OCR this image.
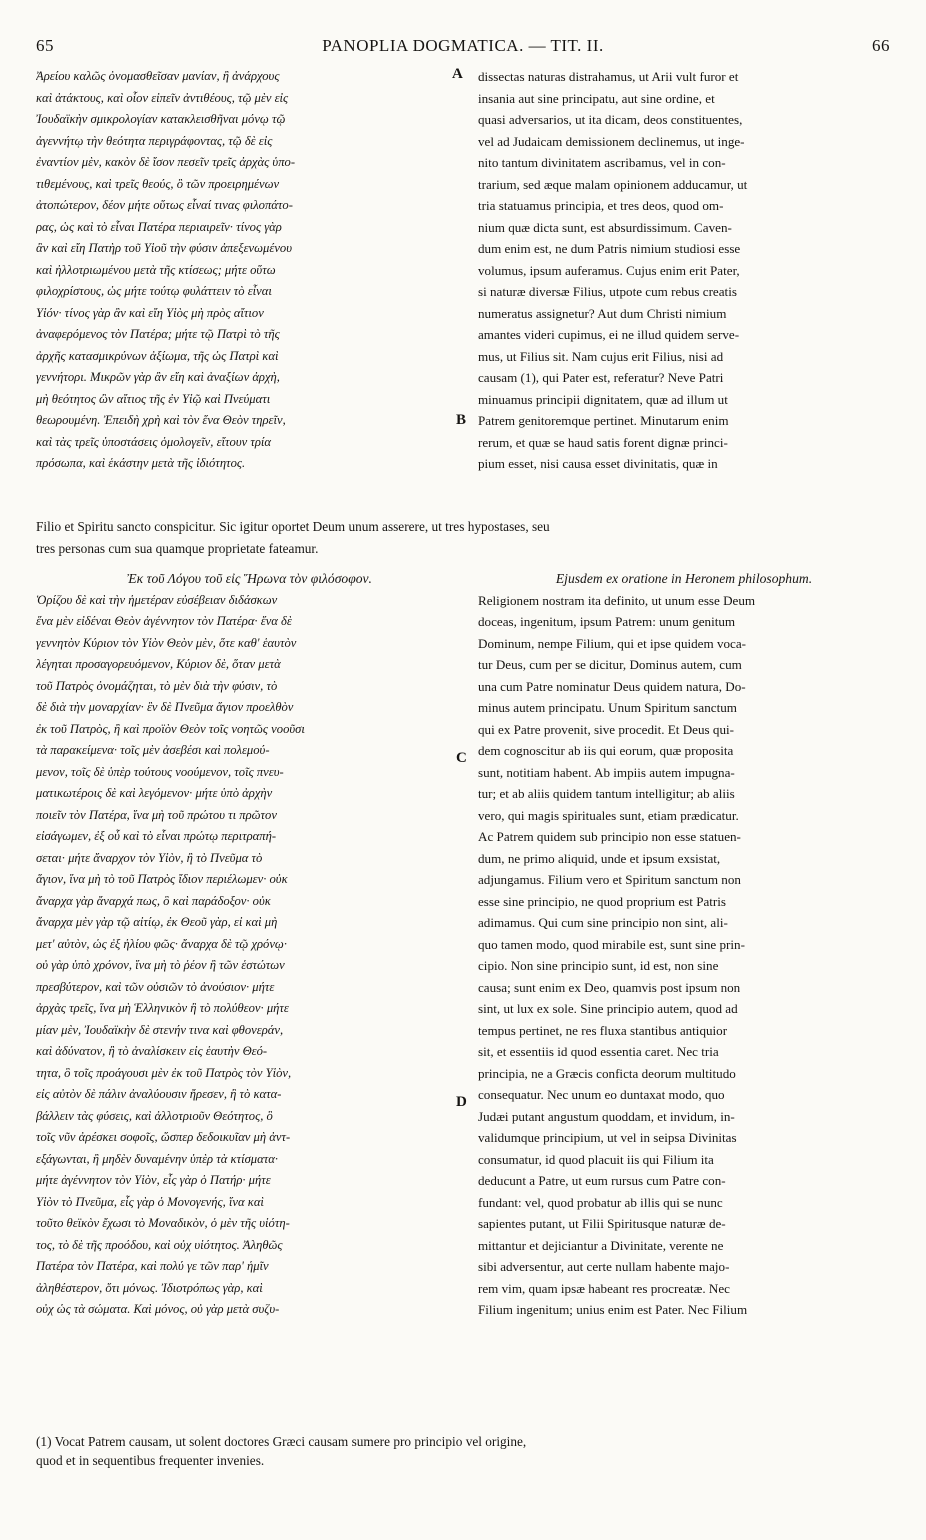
65	PANOPLIA DOGMATICA. — TIT. II.	66
A
B
C
D
Ἀρείου καλῶς ὀνομασθεῖσαν μανίαν, ἢ ἀνάρχους
καὶ ἀτάκτους, καὶ οἷον εἰπεῖν ἀντιθέους, τῷ μὲν εἰς
Ἰουδαϊκὴν σμικρολογίαν κατακλεισθῆναι μόνῳ τῷ
ἀγεννήτῳ τὴν θεότητα περιγράφοντας, τῷ δὲ εἰς
ἐναντίον μὲν, κακὸν δὲ ἴσον πεσεῖν τρεῖς ἀρχὰς ὑπο-
τιθεμένους, καὶ τρεῖς θεούς, ὃ τῶν προειρημένων
ἀτοπώτερον, δέον μήτε οὕτως εἶναί τινας φιλοπάτο-
ρας, ὡς καὶ τὸ εἶναι Πατέρα περιαιρεῖν· τίνος γὰρ
ἂν καὶ εἴη Πατὴρ τοῦ Υἱοῦ τὴν φύσιν ἀπεξενωμένου
καὶ ἠλλοτριωμένου μετὰ τῆς κτίσεως; μήτε οὕτω
φιλοχρίστους, ὡς μήτε τούτῳ φυλάττειν τὸ εἶναι
Υἱόν· τίνος γὰρ ἂν καὶ εἴη Υἱὸς μὴ πρὸς αἴτιον
ἀναφερόμενος τὸν Πατέρα; μήτε τῷ Πατρὶ τὸ τῆς
ἀρχῆς κατασμικρύνων ἀξίωμα, τῆς ὡς Πατρὶ καὶ
γεννήτορι. Μικρῶν γὰρ ἂν εἴη καὶ ἀναξίων ἀρχὴ,
μὴ θεότητος ὢν αἴτιος τῆς ἐν Υἱῷ καὶ Πνεύματι
θεωρουμένη. Ἐπειδὴ χρὴ καὶ τὸν ἕνα Θεὸν τηρεῖν,
καὶ τὰς τρεῖς ὑποστάσεις ὁμολογεῖν, εἴτουν τρία
πρόσωπα, καὶ ἑκάστην μετὰ τῆς ἰδιότητος.
dissectas naturas distrahamus, ut Arii vult furor et
insania aut sine principatu, aut sine ordine, et
quasi adversarios, ut ita dicam, deos constituentes,
vel ad Judaicam demissionem declinemus, ut inge-
nito tantum divinitatem ascribamus, vel in con-
trarium, sed æque malam opinionem adducamur, ut
tria statuamus principia, et tres deos, quod om-
nium quæ dicta sunt, est absurdissimum. Caven-
dum enim est, ne dum Patris nimium studiosi esse
volumus, ipsum auferamus. Cujus enim erit Pater,
si naturæ diversæ Filius, utpote cum rebus creatis
numeratus assignetur? Aut dum Christi nimium
amantes videri cupimus, ei ne illud quidem serve-
mus, ut Filius sit. Nam cujus erit Filius, nisi ad
causam (1), qui Pater est, referatur? Neve Patri
minuamus principii dignitatem, quæ ad illum ut
Patrem genitoremque pertinet. Minutarum enim
rerum, et quæ se haud satis forent dignæ princi-
pium esset, nisi causa esset divinitatis, quæ in
Filio et Spiritu sancto conspicitur. Sic igitur oportet Deum unum asserere, ut tres hypostases, seu
tres personas cum sua quamque proprietate fateamur.
Ἐκ τοῦ Λόγου τοῦ εἰς Ἥρωνα τὸν φιλόσοφον.
Ὁρίζου δὲ καὶ τὴν ἡμετέραν εὐσέβειαν διδάσκων
ἕνα μὲν εἰδέναι Θεὸν ἀγέννητον τὸν Πατέρα· ἕνα δὲ
γεννητὸν Κύριον τὸν Υἱὸν Θεὸν μὲν, ὅτε καθ' ἑαυτὸν
λέγηται προσαγορευόμενον, Κύριον δὲ, ὅταν μετὰ
τοῦ Πατρὸς ὀνομάζηται, τὸ μὲν διὰ τὴν φύσιν, τὸ
δὲ διὰ τὴν μοναρχίαν· ἓν δὲ Πνεῦμα ἅγιον προελθὸν
ἐκ τοῦ Πατρὸς, ἢ καὶ προϊὸν Θεὸν τοῖς νοητῶς νοοῦσι
τὰ παρακείμενα· τοῖς μὲν ἀσεβέσι καὶ πολεμού-
μενον, τοῖς δὲ ὑπὲρ τούτους νοούμενον, τοῖς πνευ-
ματικωτέροις δὲ καὶ λεγόμενον· μήτε ὑπὸ ἀρχὴν
ποιεῖν τὸν Πατέρα, ἵνα μὴ τοῦ πρώτου τι πρῶτον
εἰσάγωμεν, ἐξ οὗ καὶ τὸ εἶναι πρώτῳ περιτραπή-
σεται· μήτε ἄναρχον τὸν Υἱὸν, ἢ τὸ Πνεῦμα τὸ
ἅγιον, ἵνα μὴ τὸ τοῦ Πατρὸς ἴδιον περιέλωμεν· οὐκ
ἄναρχα γὰρ ἄναρχά πως, ὃ καὶ παράδοξον· οὐκ
ἄναρχα μὲν γὰρ τῷ αἰτίῳ, ἐκ Θεοῦ γὰρ, εἰ καὶ μὴ
μετ' αὐτὸν, ὡς ἐξ ἡλίου φῶς· ἄναρχα δὲ τῷ χρόνῳ·
οὐ γὰρ ὑπὸ χρόνον, ἵνα μὴ τὸ ῥέον ἢ τῶν ἑστώτων
πρεσβύτερον, καὶ τῶν οὐσιῶν τὸ ἀνούσιον· μήτε
ἀρχὰς τρεῖς, ἵνα μὴ Ἑλληνικὸν ἢ τὸ πολύθεον· μήτε
μίαν μὲν, Ἰουδαϊκὴν δὲ στενήν τινα καὶ φθονεράν,
καὶ ἀδύνατον, ἢ τὸ ἀναλίσκειν εἰς ἑαυτὴν Θεό-
τητα, ὃ τοῖς προάγουσι μὲν ἐκ τοῦ Πατρὸς τὸν Υἱὸν,
εἰς αὐτὸν δὲ πάλιν ἀναλύουσιν ἤρεσεν, ἢ τὸ κατα-
βάλλειν τὰς φύσεις, καὶ ἀλλοτριοῦν Θεότητος, ὃ
τοῖς νῦν ἀρέσκει σοφοῖς, ὥσπερ δεδοικυῖαν μὴ ἀντ-
εξάγωνται, ἢ μηδὲν δυναμένην ὑπὲρ τὰ κτίσματα·
μήτε ἀγέννητον τὸν Υἱὸν, εἷς γὰρ ὁ Πατήρ· μήτε
Υἱὸν τὸ Πνεῦμα, εἷς γὰρ ὁ Μονογενής, ἵνα καὶ
τοῦτο θεϊκὸν ἔχωσι τὸ Μοναδικὸν, ὁ μὲν τῆς υἱότη-
τος, τὸ δὲ τῆς προόδου, καὶ οὐχ υἱότητος. Ἀληθῶς
Πατέρα τὸν Πατέρα, καὶ πολύ γε τῶν παρ' ἡμῖν
ἀληθέστερον, ὅτι μόνως. Ἰδιοτρόπως γὰρ, καὶ
οὐχ ὡς τὰ σώματα. Καὶ μόνος, οὐ γὰρ μετὰ συζυ-
Ejusdem ex oratione in Heronem philosophum.
Religionem nostram ita definito, ut unum esse Deum
doceas, ingenitum, ipsum Patrem: unum genitum
Dominum, nempe Filium, qui et ipse quidem voca-
tur Deus, cum per se dicitur, Dominus autem, cum
una cum Patre nominatur Deus quidem natura, Do-
minus autem principatu. Unum Spiritum sanctum
qui ex Patre provenit, sive procedit. Et Deus qui-
dem cognoscitur ab iis qui eorum, quæ proposita
sunt, notitiam habent. Ab impiis autem impugna-
tur; et ab aliis quidem tantum intelligitur; ab aliis
vero, qui magis spirituales sunt, etiam prædicatur.
Ac Patrem quidem sub principio non esse statuen-
dum, ne primo aliquid, unde et ipsum exsistat,
adjungamus. Filium vero et Spiritum sanctum non
esse sine principio, ne quod proprium est Patris
adimamus. Qui cum sine principio non sint, ali-
quo tamen modo, quod mirabile est, sunt sine prin-
cipio. Non sine principio sunt, id est, non sine
causa; sunt enim ex Deo, quamvis post ipsum non
sint, ut lux ex sole. Sine principio autem, quod ad
tempus pertinet, ne res fluxa stantibus antiquior
sit, et essentiis id quod essentia caret. Nec tria
principia, ne a Græcis conficta deorum multitudo
consequatur. Nec unum eo duntaxat modo, quo
Judæi putant angustum quoddam, et invidum, in-
validumque principium, ut vel in seipsa Divinitas
consumatur, id quod placuit iis qui Filium ita
deducunt a Patre, ut eum rursus cum Patre con-
fundant: vel, quod probatur ab illis qui se nunc
sapientes putant, ut Filii Spiritusque naturæ de-
mittantur et dejiciantur a Divinitate, verente ne
sibi adversentur, aut certe nullam habente majo-
rem vim, quam ipsæ habeant res procreatæ. Nec
Filium ingenitum; unius enim est Pater. Nec Filium
(1) Vocat Patrem causam, ut solent doctores Græci causam sumere pro principio vel origine,
quod et in sequentibus frequenter invenies.
